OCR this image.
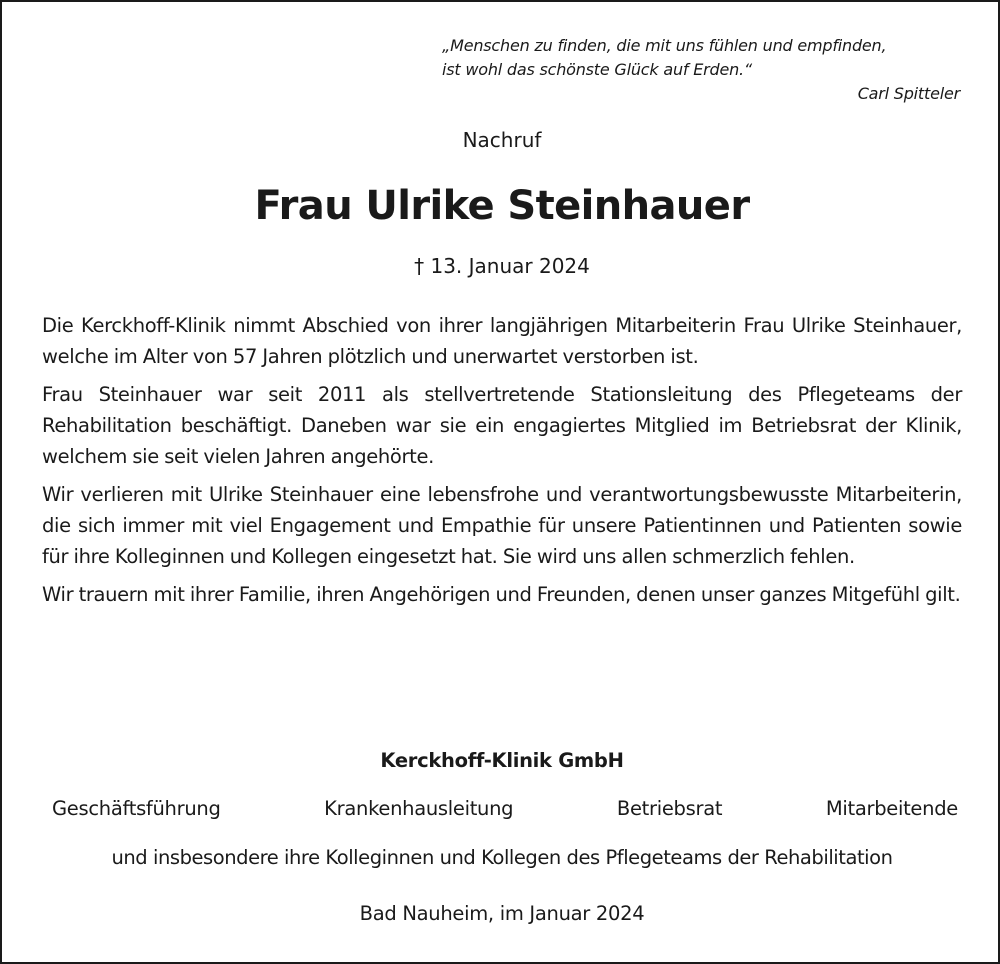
„Menschen zu finden, die mit uns fühlen und empfinden,
ist wohl das schönste Glück auf Erden.“
Carl Spitteler
Nachruf
Frau Ulrike Steinhauer
† 13. Januar 2024

Die Kerckhoff-Klinik nimmt Abschied von ihrer langjährigen Mitarbeiterin Frau Ulrike Steinhauer, welche im Alter von 57 Jahren plötzlich und unerwartet verstorben ist.

Frau Steinhauer war seit 2011 als stellvertretende Stationsleitung des Pflegeteams der Rehabilitation beschäftigt. Daneben war sie ein engagiertes Mitglied im Betriebsrat der Klinik, welchem sie seit vielen Jahren angehörte.

Wir verlieren mit Ulrike Steinhauer eine lebensfrohe und verantwortungsbewusste Mitarbeiterin, die sich immer mit viel Engagement und Empathie für unsere Patientinnen und Patienten sowie für ihre Kolleginnen und Kollegen eingesetzt hat. Sie wird uns allen schmerzlich fehlen.

Wir trauern mit ihrer Familie, ihren Angehörigen und Freunden, denen unser ganzes Mitgefühl gilt.

Kerckhoff-Klinik GmbH
Geschäftsführung	Krankenhausleitung	Betriebsrat	Mitarbeitende
und insbesondere ihre Kolleginnen und Kollegen des Pflegeteams der Rehabilitation
Bad Nauheim, im Januar 2024
